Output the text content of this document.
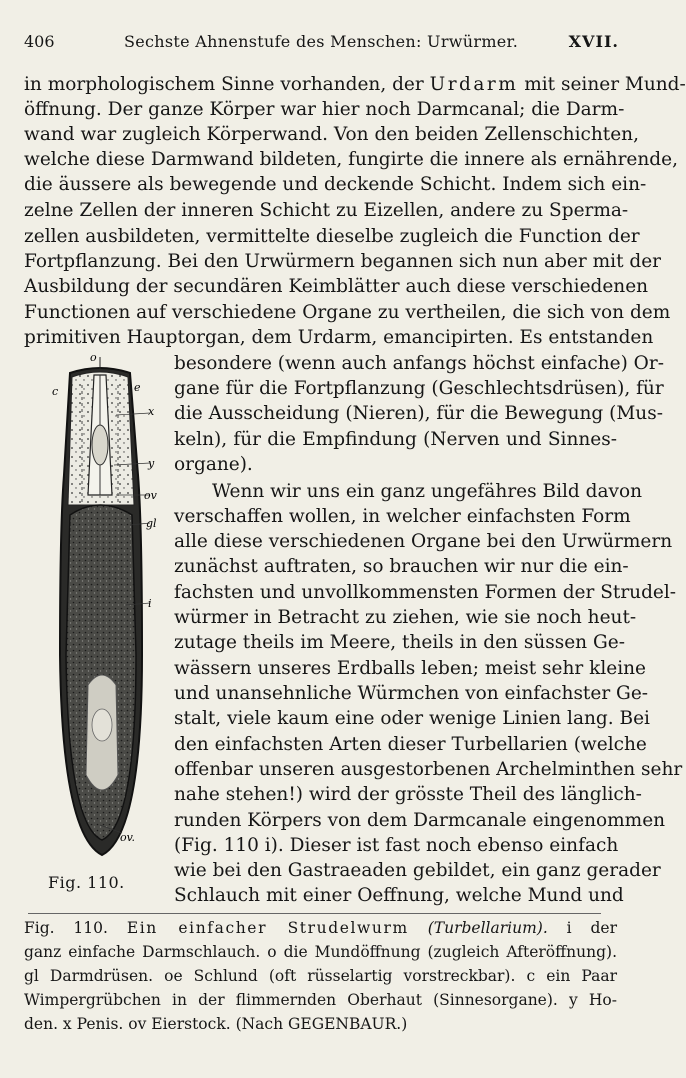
406	Sechste Ahnenstufe des Menschen: Urwürmer.	XVII.
in morphologischem Sinne vorhanden, der Urdarm mit seiner Mund-
öffnung. Der ganze Körper war hier noch Darmcanal; die Darm-
wand war zugleich Körperwand. Von den beiden Zellenschichten,
welche diese Darmwand bildeten, fungirte die innere als ernährende,
die äussere als bewegende und deckende Schicht. Indem sich ein-
zelne Zellen der inneren Schicht zu Eizellen, andere zu Sperma-
zellen ausbildeten, vermittelte dieselbe zugleich die Function der
Fortpflanzung. Bei den Urwürmern begannen sich nun aber mit der
Ausbildung der secundären Keimblätter auch diese verschiedenen
Functionen auf verschiedene Organe zu vertheilen, die sich von dem
primitiven Hauptorgan, dem Urdarm, emancipirten. Es entstanden
besondere (wenn auch anfangs höchst einfache) Or-
gane für die Fortpflanzung (Geschlechtsdrüsen), für
die Ausscheidung (Nieren), für die Bewegung (Mus-
keln), für die Empfindung (Nerven und Sinnes-
organe).
Wenn wir uns ein ganz ungefähres Bild davon
verschaffen wollen, in welcher einfachsten Form
alle diese verschiedenen Organe bei den Urwürmern
zunächst auftraten, so brauchen wir nur die ein-
fachsten und unvollkommensten Formen der Strudel-
würmer in Betracht zu ziehen, wie sie noch heut-
zutage theils im Meere, theils in den süssen Ge-
wässern unseres Erdballs leben; meist sehr kleine
und unansehnliche Würmchen von einfachster Ge-
stalt, viele kaum eine oder wenige Linien lang. Bei
den einfachsten Arten dieser Turbellarien (welche
offenbar unseren ausgestorbenen Archelminthen sehr
nahe stehen!) wird der grösste Theil des länglich-
runden Körpers von dem Darmcanale eingenommen
(Fig. 110 i). Dieser ist fast noch ebenso einfach
wie bei den Gastraeaden gebildet, ein ganz gerader
Schlauch mit einer Oeffnung, welche Mund und
o
c	e
x
y
ov
gl
i
ov.
Fig. 110.
Fig. 110. Ein einfacher Strudelwurm (Turbellarium). i der
ganz einfache Darmschlauch. o die Mundöffnung (zugleich Afteröffnung).
gl Darmdrüsen. oe Schlund (oft rüsselartig vorstreckbar). c ein Paar
Wimpergrübchen in der flimmernden Oberhaut (Sinnesorgane). y Ho-
den. x Penis. ov Eierstock. (Nach GEGENBAUR.)
